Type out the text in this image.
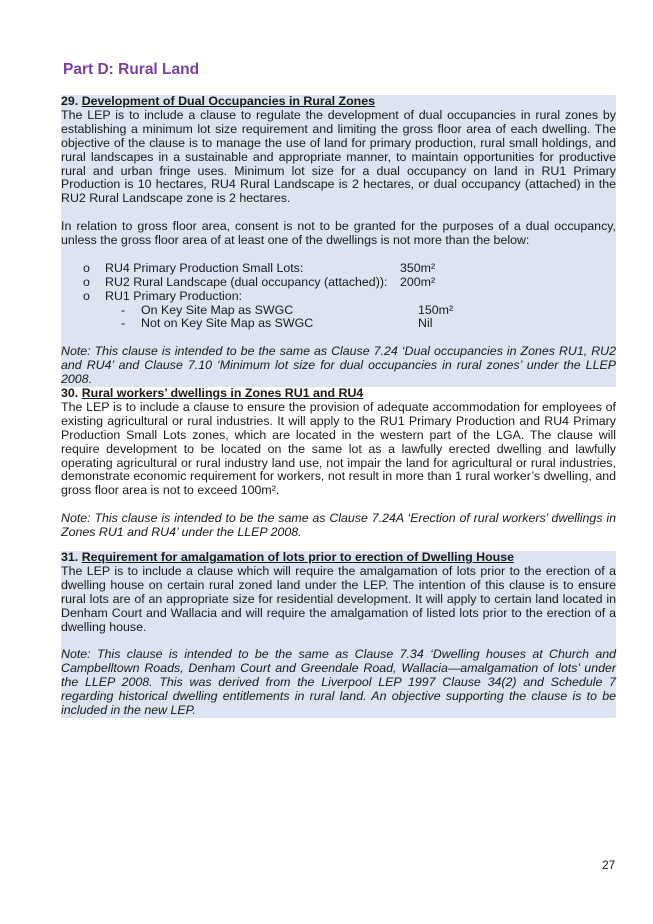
Part D: Rural Land
29. Development of Dual Occupancies in Rural Zones

The LEP is to include a clause to regulate the development of dual occupancies in rural zones by establishing a minimum lot size requirement and limiting the gross floor area of each dwelling. The objective of the clause is to manage the use of land for primary production, rural small holdings, and rural landscapes in a sustainable and appropriate manner, to maintain opportunities for productive rural and urban fringe uses. Minimum lot size for a dual occupancy on land in RU1 Primary Production is 10 hectares, RU4 Rural Landscape is 2 hectares, or dual occupancy (attached) in the RU2 Rural Landscape zone is 2 hectares.

In relation to gross floor area, consent is not to be granted for the purposes of a dual occupancy, unless the gross floor area of at least one of the dwellings is not more than the below:

o	RU4 Primary Production Small Lots:	350m²
o	RU2 Rural Landscape (dual occupancy (attached)):	200m²
o	RU1 Primary Production:
-	On Key Site Map as SWGC	150m²
-	Not on Key Site Map as SWGC	Nil

Note: This clause is intended to be the same as Clause 7.24 ‘Dual occupancies in Zones RU1, RU2 and RU4’ and Clause 7.10 ‘Minimum lot size for dual occupancies in rural zones’ under the LLEP 2008.

30. Rural workers’ dwellings in Zones RU1 and RU4

The LEP is to include a clause to ensure the provision of adequate accommodation for employees of existing agricultural or rural industries. It will apply to the RU1 Primary Production and RU4 Primary Production Small Lots zones, which are located in the western part of the LGA. The clause will require development to be located on the same lot as a lawfully erected dwelling and lawfully operating agricultural or rural industry land use, not impair the land for agricultural or rural industries, demonstrate economic requirement for workers, not result in more than 1 rural worker’s dwelling, and gross floor area is not to exceed 100m².

Note: This clause is intended to be the same as Clause 7.24A ‘Erection of rural workers’ dwellings in Zones RU1 and RU4’ under the LLEP 2008.

31. Requirement for amalgamation of lots prior to erection of Dwelling House

The LEP is to include a clause which will require the amalgamation of lots prior to the erection of a dwelling house on certain rural zoned land under the LEP. The intention of this clause is to ensure rural lots are of an appropriate size for residential development. It will apply to certain land located in Denham Court and Wallacia and will require the amalgamation of listed lots prior to the erection of a dwelling house.

Note: This clause is intended to be the same as Clause 7.34 ‘Dwelling houses at Church and Campbelltown Roads, Denham Court and Greendale Road, Wallacia—amalgamation of lots’ under the LLEP 2008. This was derived from the Liverpool LEP 1997 Clause 34(2) and Schedule 7 regarding historical dwelling entitlements in rural land. An objective supporting the clause is to be included in the new LEP.

27
